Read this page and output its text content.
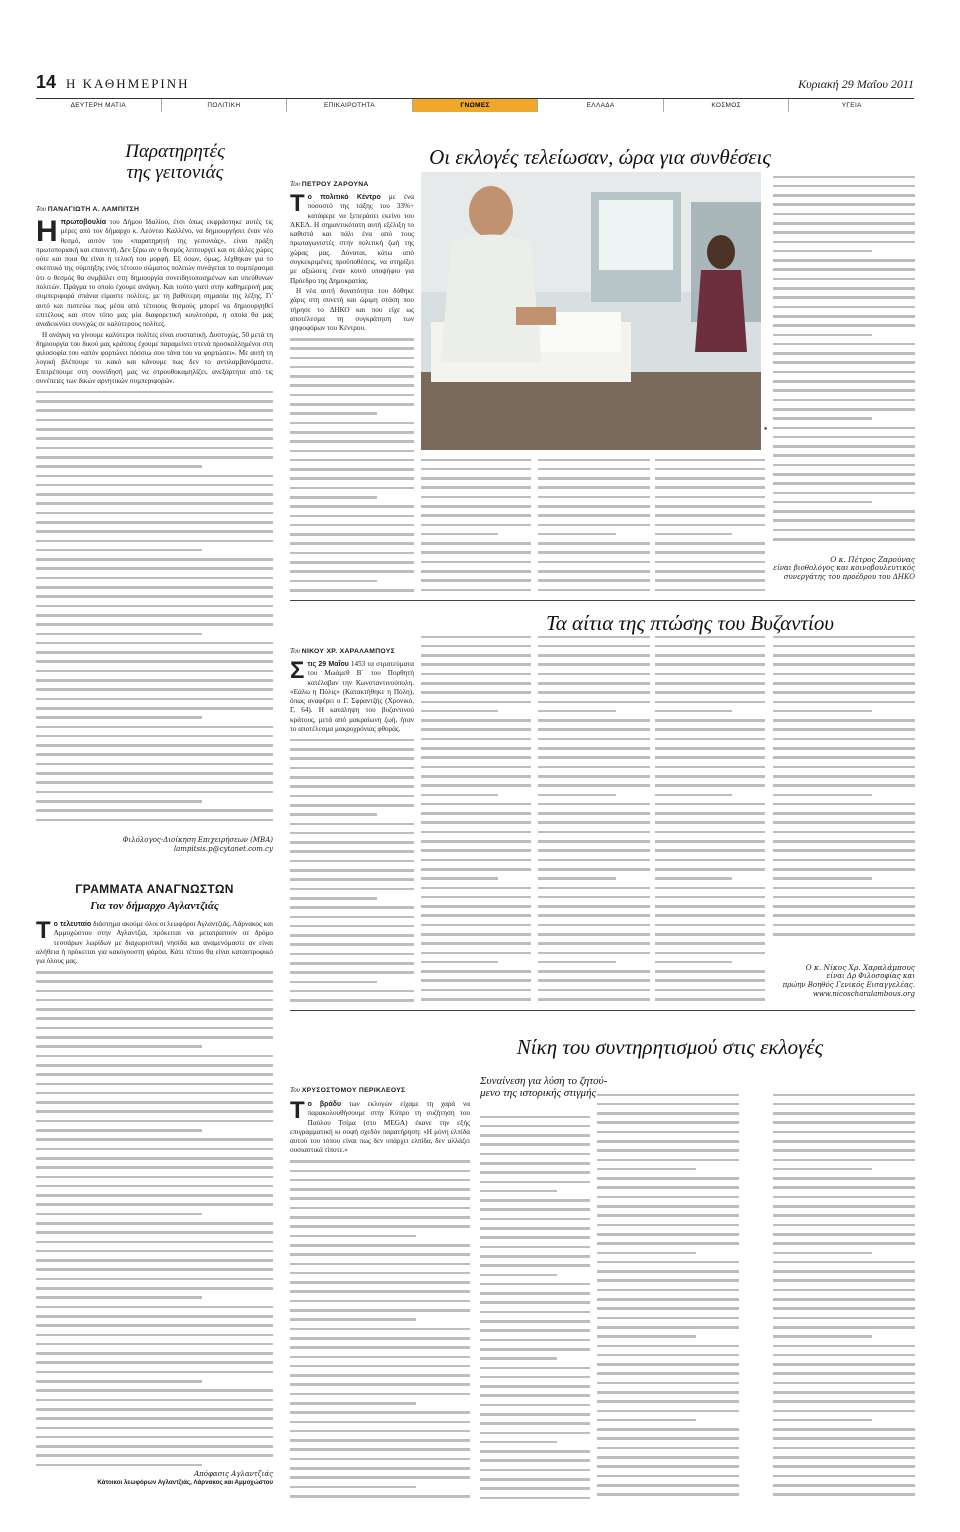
14 Η ΚΑΘΗΜΕΡΙΝΗ	Κυριακή 29 Μαΐου 2011
ΔΕΥΤΕΡΗ ΜΑΤΙΑ	ΠΟΛΙΤΙΚΗ	ΕΠΙΚΑΙΡΟΤΗΤΑ	ΓΝΩΜΕΣ	ΕΛΛΑΔΑ	ΚΟΣΜΟΣ	ΥΓΕΙΑ
Παρατηρητές
της γειτονιάς
Του ΠΑΝΑΓΙΩΤΗ Α. ΛΑΜΠΙΤΣΗ
Η πρωτοβουλία του Δήμου Ιδαλίου, έτσι όπως εκφράστηκε αυτές τις μέρες από τον δήμαρχο κ. Λεόντιο Καλλένο, να δημιουργήσει έναν νέο θεσμό, αυτόν του «παρατηρητή της γειτονιάς», είναι πράξη πρωτοποριακή και επαινετή. Δεν ξέρω αν ο θεσμός λειτουργεί και σε άλλες χώρες ούτε και ποια θα είναι η τελική του μορφή. Εξ όσων, όμως, λέχθηκαν για το σκεπτικό της σύμπηξης ενός τέτοιου σώματος πολιτών συνάγεται το συμπέρασμα ότι ο θεσμός θα συμβάλει στη δημιουργία συνειδητοποιημένων και υπεύθυνων πολιτών. Πράγμα το οποίο έχουμε ανάγκη. Και τούτο γιατί στην καθημερινή μας συμπεριφορά σπάνια είμαστε πολίτες, με τη βαθύτερη σημασία της λέξης. Γι' αυτό και πιστεύω πως μέσα από τέτοιους θεσμούς μπορεί να δημιουργηθεί επιτέλους και στον τόπο μας μία διαφορετική κουλτούρα, η οποία θα μας αναδεικνύει συνεχώς σε καλύτερους πολίτες.

Η ανάγκη να γίνουμε καλύτεροι πολίτες είναι συστατική. Δυστυχώς, 50 μετά τη δημιουργία του δικού μας κράτους έχουμε παραμείνει στενά προσκολλημένοι στη φιλοσοφία του «απόν φορτώνει πόσσιω σου τάνα του να φορτώσει». Με αυτή τη λογική βλέπουμε το κακό και κάνουμε πως δεν το αντιλαμβανόμαστε. Επιτρέπουμε στη συνείδησή μας να στρουθοκαμηλίζει, ανεξάρτητα από τις συνέπειες των δικών αρνητικών συμπεριφορών.

Φιλόλογος-Διοίκηση Επιχειρήσεων (MBA)
lampitsis.p@cytanet.com.cy
ΓΡΑΜΜΑΤΑ ΑΝΑΓΝΩΣΤΩΝ
Για τον δήμαρχο Αγλαντζιάς
Τ ο τελευταίο διάστημα ακούμε όλοι οι λεωφόροι Αγλαντζιάς, Λάρνακος και Αμμοχώστου στην Αγλαντζιά, πρόκειται να μετατραπούν σε δρόμο τεσσάρων λωρίδων με διαχωριστική νησίδα και αναμενόμαστε αν είναι αλήθεια ή πρόκειται για κακόγουστη φάρσα. Κάτι τέτοιο θα είναι καταστροφικό για όλους μας.

Απόφασις Αγλαντζιάς
Κάτοικοι λεωφόρων Αγλαντζιάς, Λάρνακος και Αμμοχώστου
Οι εκλογές τελείωσαν, ώρα για συνθέσεις
Του ΠΕΤΡΟΥ ΖΑΡΟΥΝΑ
Τ ο πολιτικό Κέντρο με ένα ποσοστό της τάξης του 33%+ κατάφερε να ξεπεράσει εκείνο του ΑΚΕΛ. Η σημαντικότατη αυτή εξέλιξη το καθιστά και πάλι ένα από τους πρωταγωνιστές στην πολιτική ζωή της χώρας μας. Δύναται, κάτω από συγκεκριμένες προϋποθέσεις, να στηρίξει με αξιώσεις έναν κοινό υποψήφιο για Πρόεδρο της Δημοκρατίας.

Η νέα αυτή δυνατότητα του δόθηκε χάρις στη συνετή και ώριμη στάση που τήρησε το ΔΗΚΟ και που είχε ως αποτέλεσμα τη συγκράτηση των ψηφοφόρων του Κέντρου.

■
Ο κ. Πέτρος Ζαρούνας
είναι βιοθολόγος και κοινοβουλευτικός συνεργάτης του προέδρου του ΔΗΚΟ
Τα αίτια της πτώσης του Βυζαντίου
Του ΝΙΚΟΥ ΧΡ. ΧΑΡΑΛΑΜΠΟΥΣ
Σ τις 29 Μαΐου 1453 τα στρατεύματα του Μωάμεθ Β΄ του Πορθητή κατέλαβαν την Κωνσταντινούπολη. «Εάλω η Πόλις» (Κατακτήθηκε η Πόλη), όπως αναφέρει ο Γ. Σφραντζής (Χρονικό, Γ, 64). Η κατάληψη του βυζαντινού κράτους, μετά από μακραίωνη ζωή, ήταν το αποτέλεσμα μακροχρόνιας φθοράς.

Ο κ. Νίκος Χρ. Χαραλάμπους
είναι Δρ Φιλοσοφίας και
πρώην Βοηθός Γενικός Εισαγγελέας.
www.nicoscharalambous.org
Νίκη του συντηρητισμού στις εκλογές
Του ΧΡΥΣΟΣΤΟΜΟΥ ΠΕΡΙΚΛΕΟΥΣ
Συναίνεση για λύση το ζητού-
μενο της ιστορικής στιγμής
Τ ο βράδυ των εκλογών είχαμε τη χαρά να παρακολουθήσουμε στην Κύπρο τη συζήτηση του Παύλου Τσίμα (στο MEGA) έκανε την εξής επιγραμματική κι σοφή σχεδόν παρατήρηση: «Η μόνη ελπίδα αυτού του τόπου είναι πως δεν υπάρχει ελπίδα, δεν αλλάζει ουσιαστικά τίποτε.»
